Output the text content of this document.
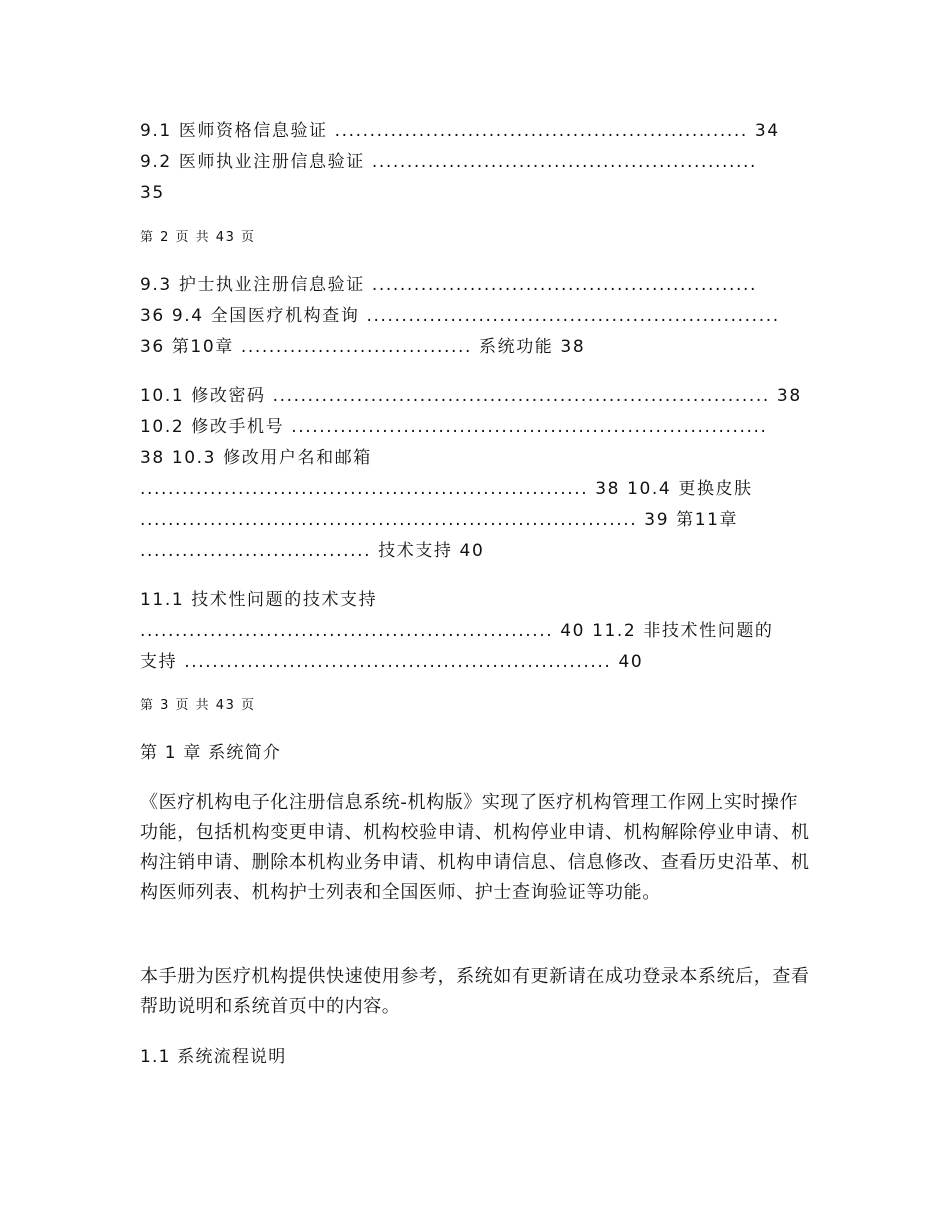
9.1 医师资格信息验证 ........................................................... 34
9.2 医师执业注册信息验证 .......................................................
35
第 2 页 共 43 页
9.3 护士执业注册信息验证 .......................................................
36 9.4 全国医疗机构查询 ...........................................................
36 第10章 ................................. 系统功能 38
10.1 修改密码 ....................................................................... 38
10.2 修改手机号 ....................................................................
38 10.3 修改用户名和邮箱
................................................................ 38 10.4 更换皮肤
....................................................................... 39 第11章
................................. 技术支持 40
11.1 技术性问题的技术支持
........................................................... 40 11.2 非技术性问题的
支持 ............................................................. 40
第 3 页 共 43 页
第 1 章 系统简介

《医疗机构电子化注册信息系统-机构版》实现了医疗机构管理工作网上实时操作功能，包括机构变更申请、机构校验申请、机构停业申请、机构解除停业申请、机构注销申请、删除本机构业务申请、机构申请信息、信息修改、查看历史沿革、机构医师列表、机构护士列表和全国医师、护士查询验证等功能。

本手册为医疗机构提供快速使用参考，系统如有更新请在成功登录本系统后，查看帮助说明和系统首页中的内容。

1.1 系统流程说明
